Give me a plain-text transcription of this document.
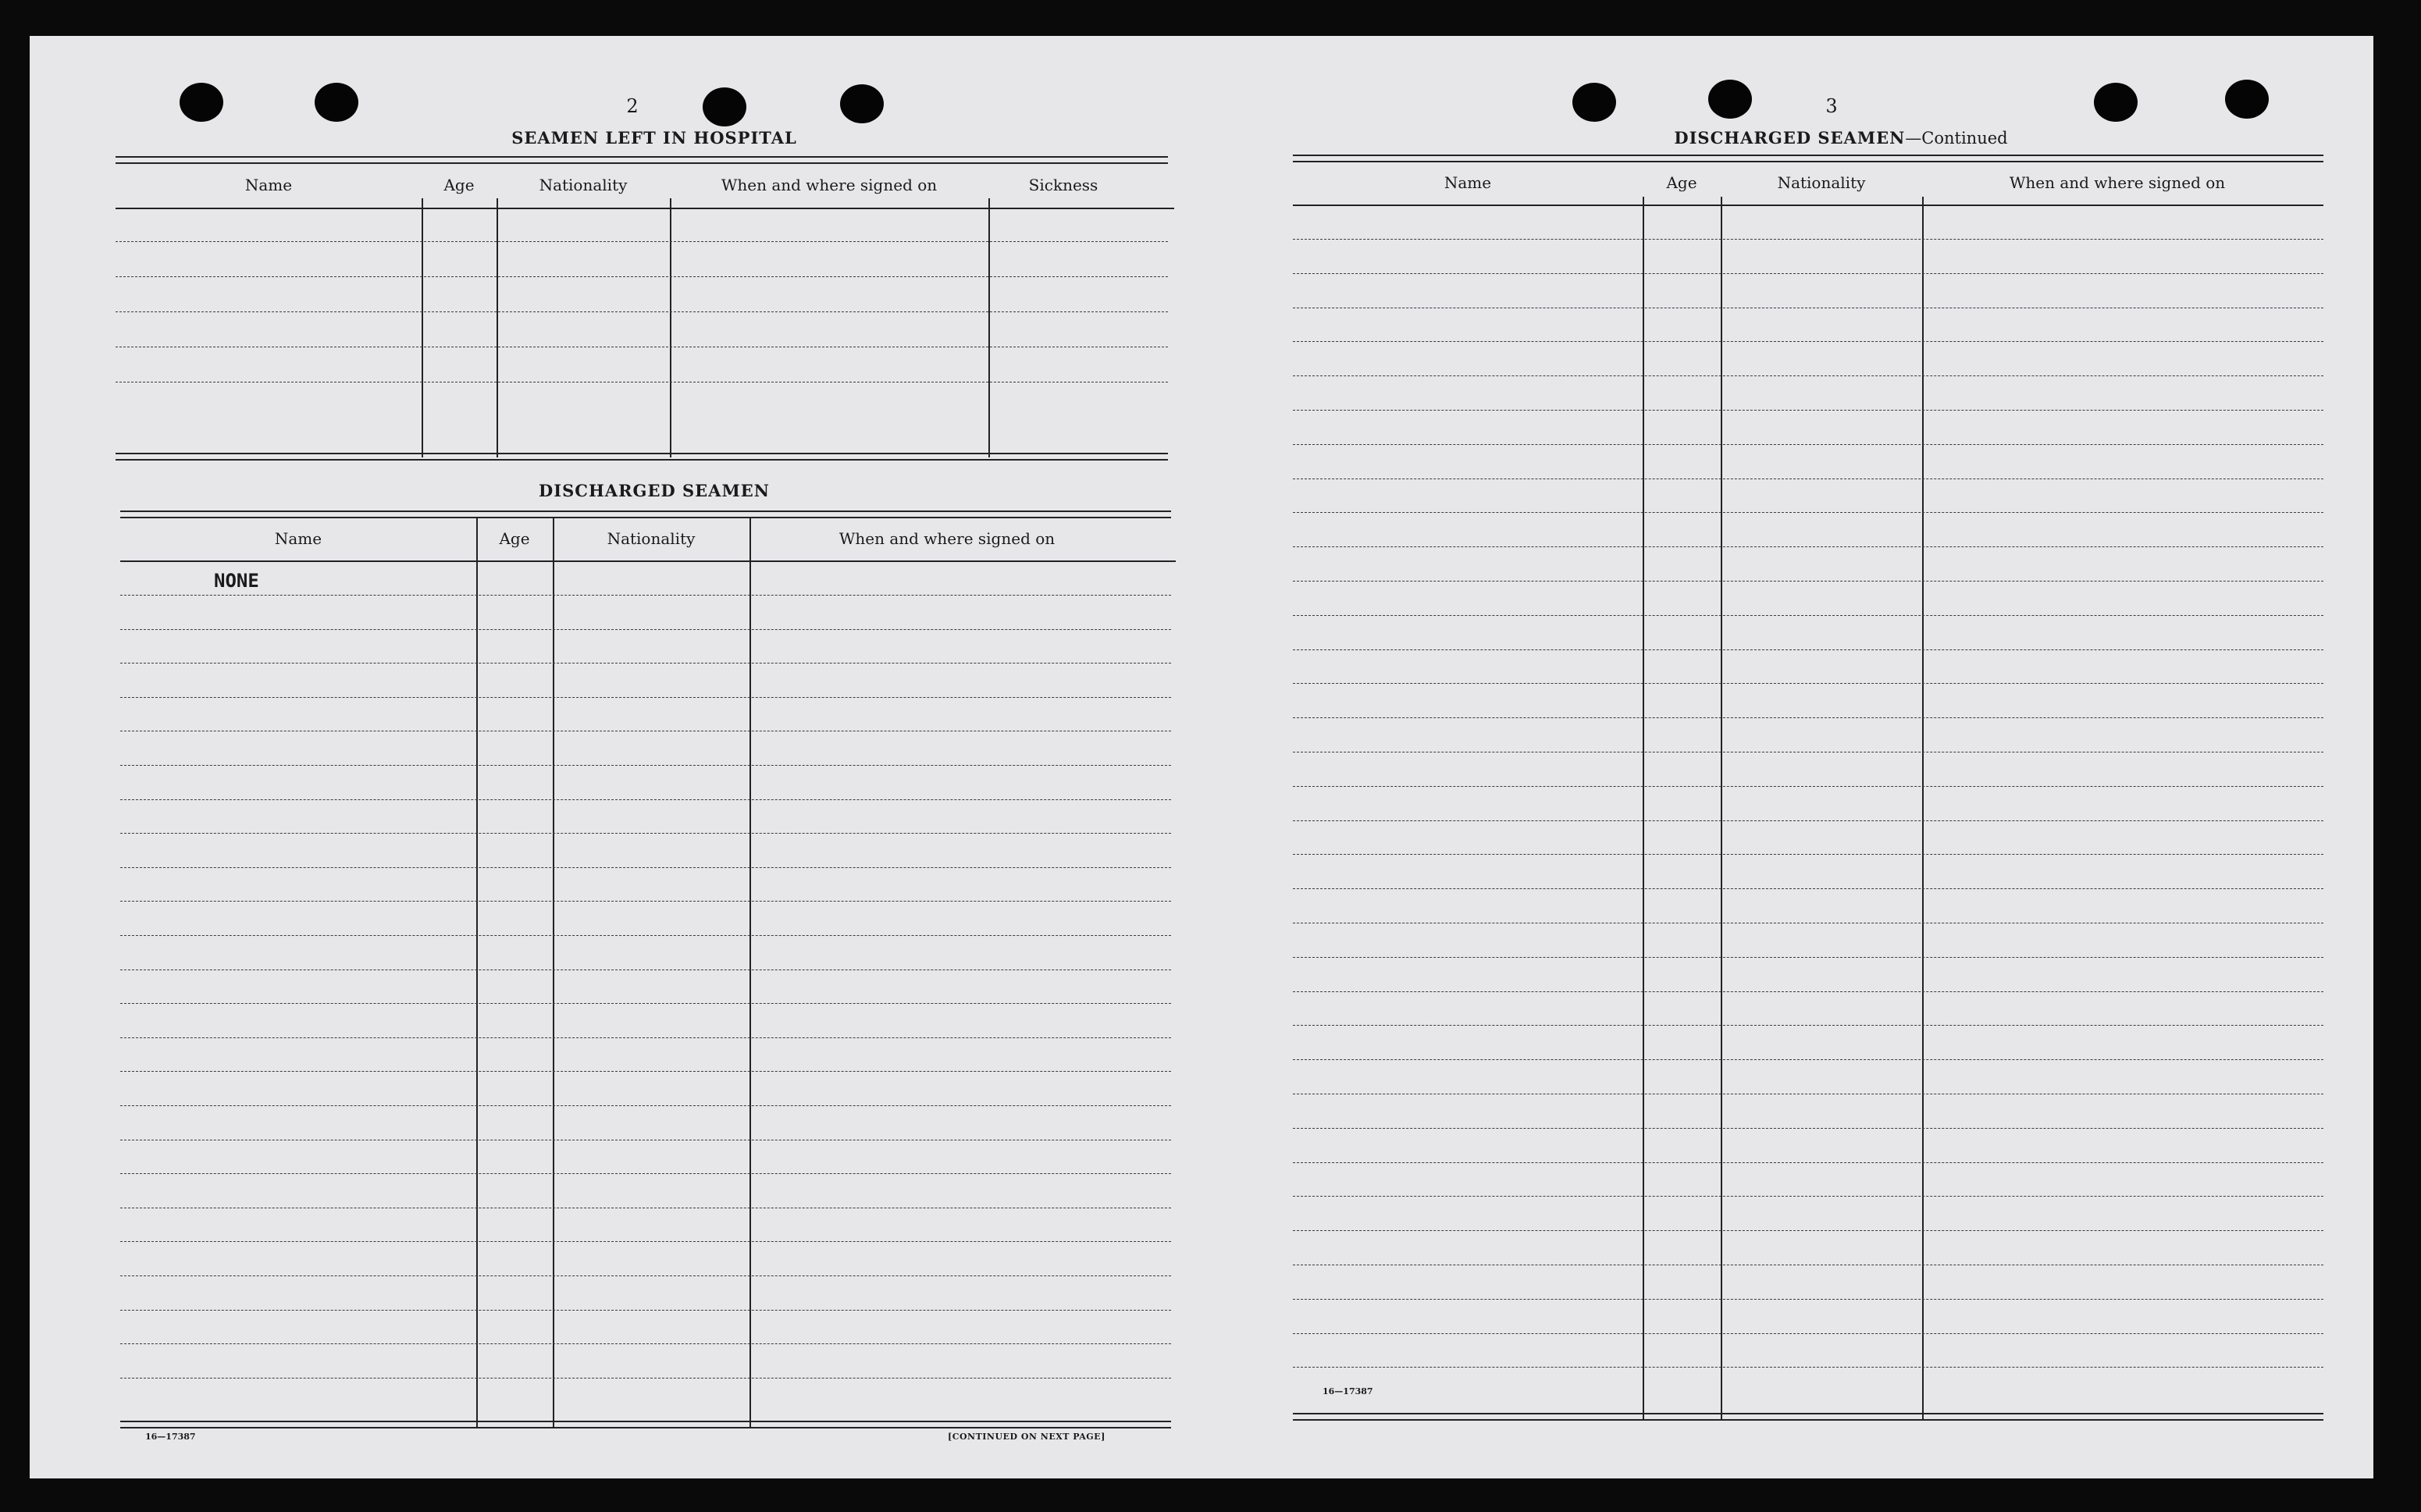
2
SEAMEN LEFT IN HOSPITAL
Name	Age	Nationality	When and where signed on	Sickness
DISCHARGED SEAMEN
Name	Age	Nationality	When and where signed on
NONE
16—17387	[CONTINUED ON NEXT PAGE]
3
DISCHARGED SEAMEN—Continued
Name	Age	Nationality	When and where signed on
16—17387
